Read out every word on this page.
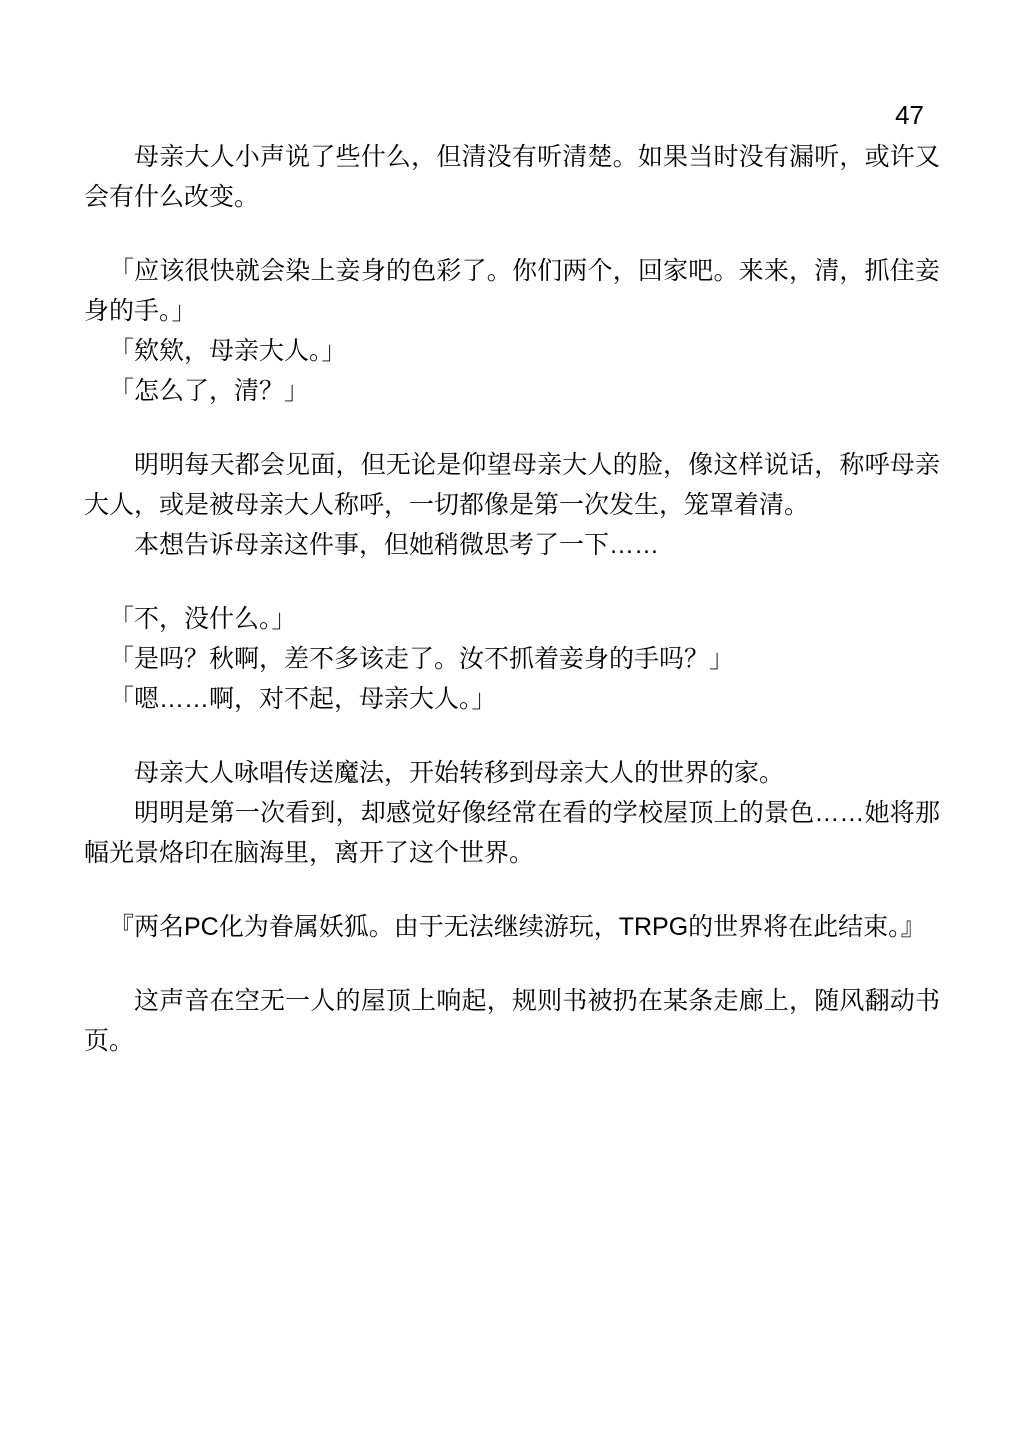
47

母亲大人小声说了些什么，但清没有听清楚。如果当时没有漏听，或许又会有什么改变。

「应该很快就会染上妾身的色彩了。你们两个，回家吧。来来，清，抓住妾身的手。」

「欸欸，母亲大人。」

「怎么了，清？」

明明每天都会见面，但无论是仰望母亲大人的脸，像这样说话，称呼母亲大人，或是被母亲大人称呼，一切都像是第一次发生，笼罩着清。

本想告诉母亲这件事，但她稍微思考了一下……

「不，没什么。」

「是吗？秋啊，差不多该走了。汝不抓着妾身的手吗？」

「嗯……啊，对不起，母亲大人。」

母亲大人咏唱传送魔法，开始转移到母亲大人的世界的家。

明明是第一次看到，却感觉好像经常在看的学校屋顶上的景色……她将那幅光景烙印在脑海里，离开了这个世界。

『两名PC化为眷属妖狐。由于无法继续游玩，TRPG的世界将在此结束。』

这声音在空无一人的屋顶上响起，规则书被扔在某条走廊上，随风翻动书页。
